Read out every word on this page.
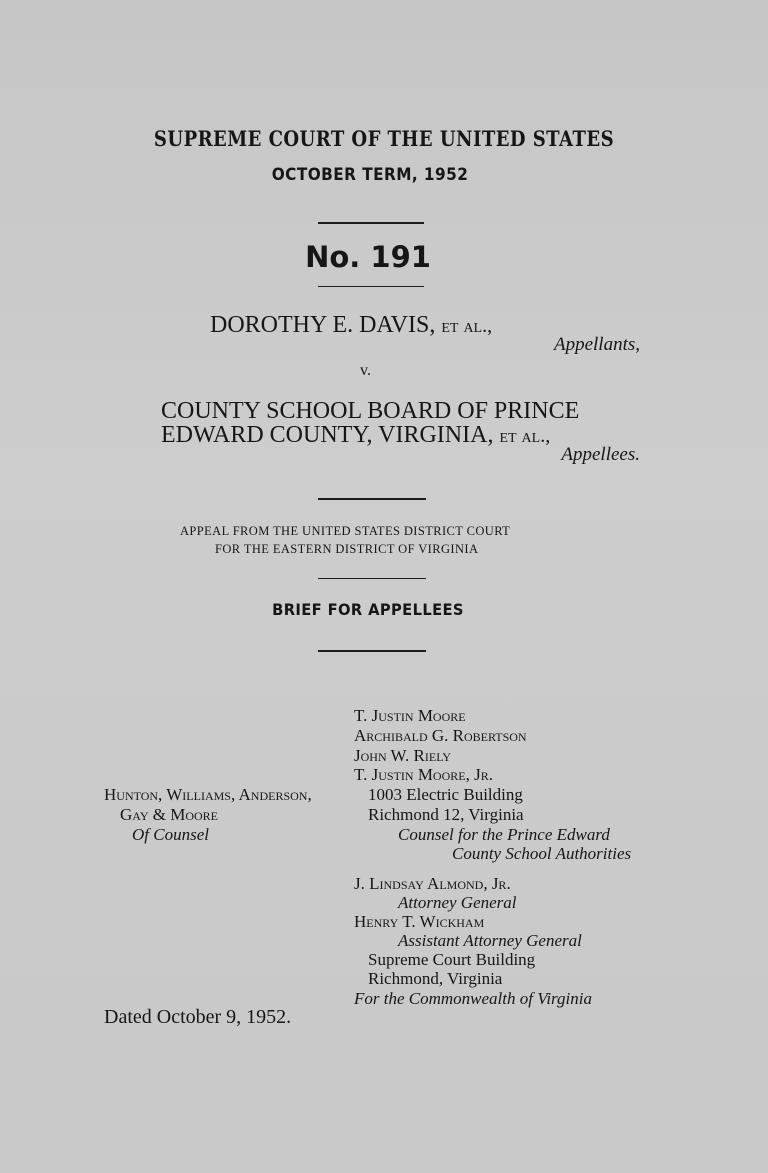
SUPREME COURT OF THE UNITED STATES
OCTOBER TERM, 1952
No. 191
DOROTHY E. DAVIS, et al.,
Appellants,
v.
COUNTY SCHOOL BOARD OF PRINCE
EDWARD COUNTY, VIRGINIA, et al.,
Appellees.
APPEAL FROM THE UNITED STATES DISTRICT COURT
FOR THE EASTERN DISTRICT OF VIRGINIA
BRIEF FOR APPELLEES
Hunton, Williams, Anderson,
Gay & Moore
Of Counsel
T. Justin Moore
Archibald G. Robertson
John W. Riely
T. Justin Moore, Jr.
1003 Electric Building
Richmond 12, Virginia
Counsel for the Prince Edward
County School Authorities
J. Lindsay Almond, Jr.
Attorney General
Henry T. Wickham
Assistant Attorney General
Supreme Court Building
Richmond, Virginia
For the Commonwealth of Virginia
Dated October 9, 1952.
